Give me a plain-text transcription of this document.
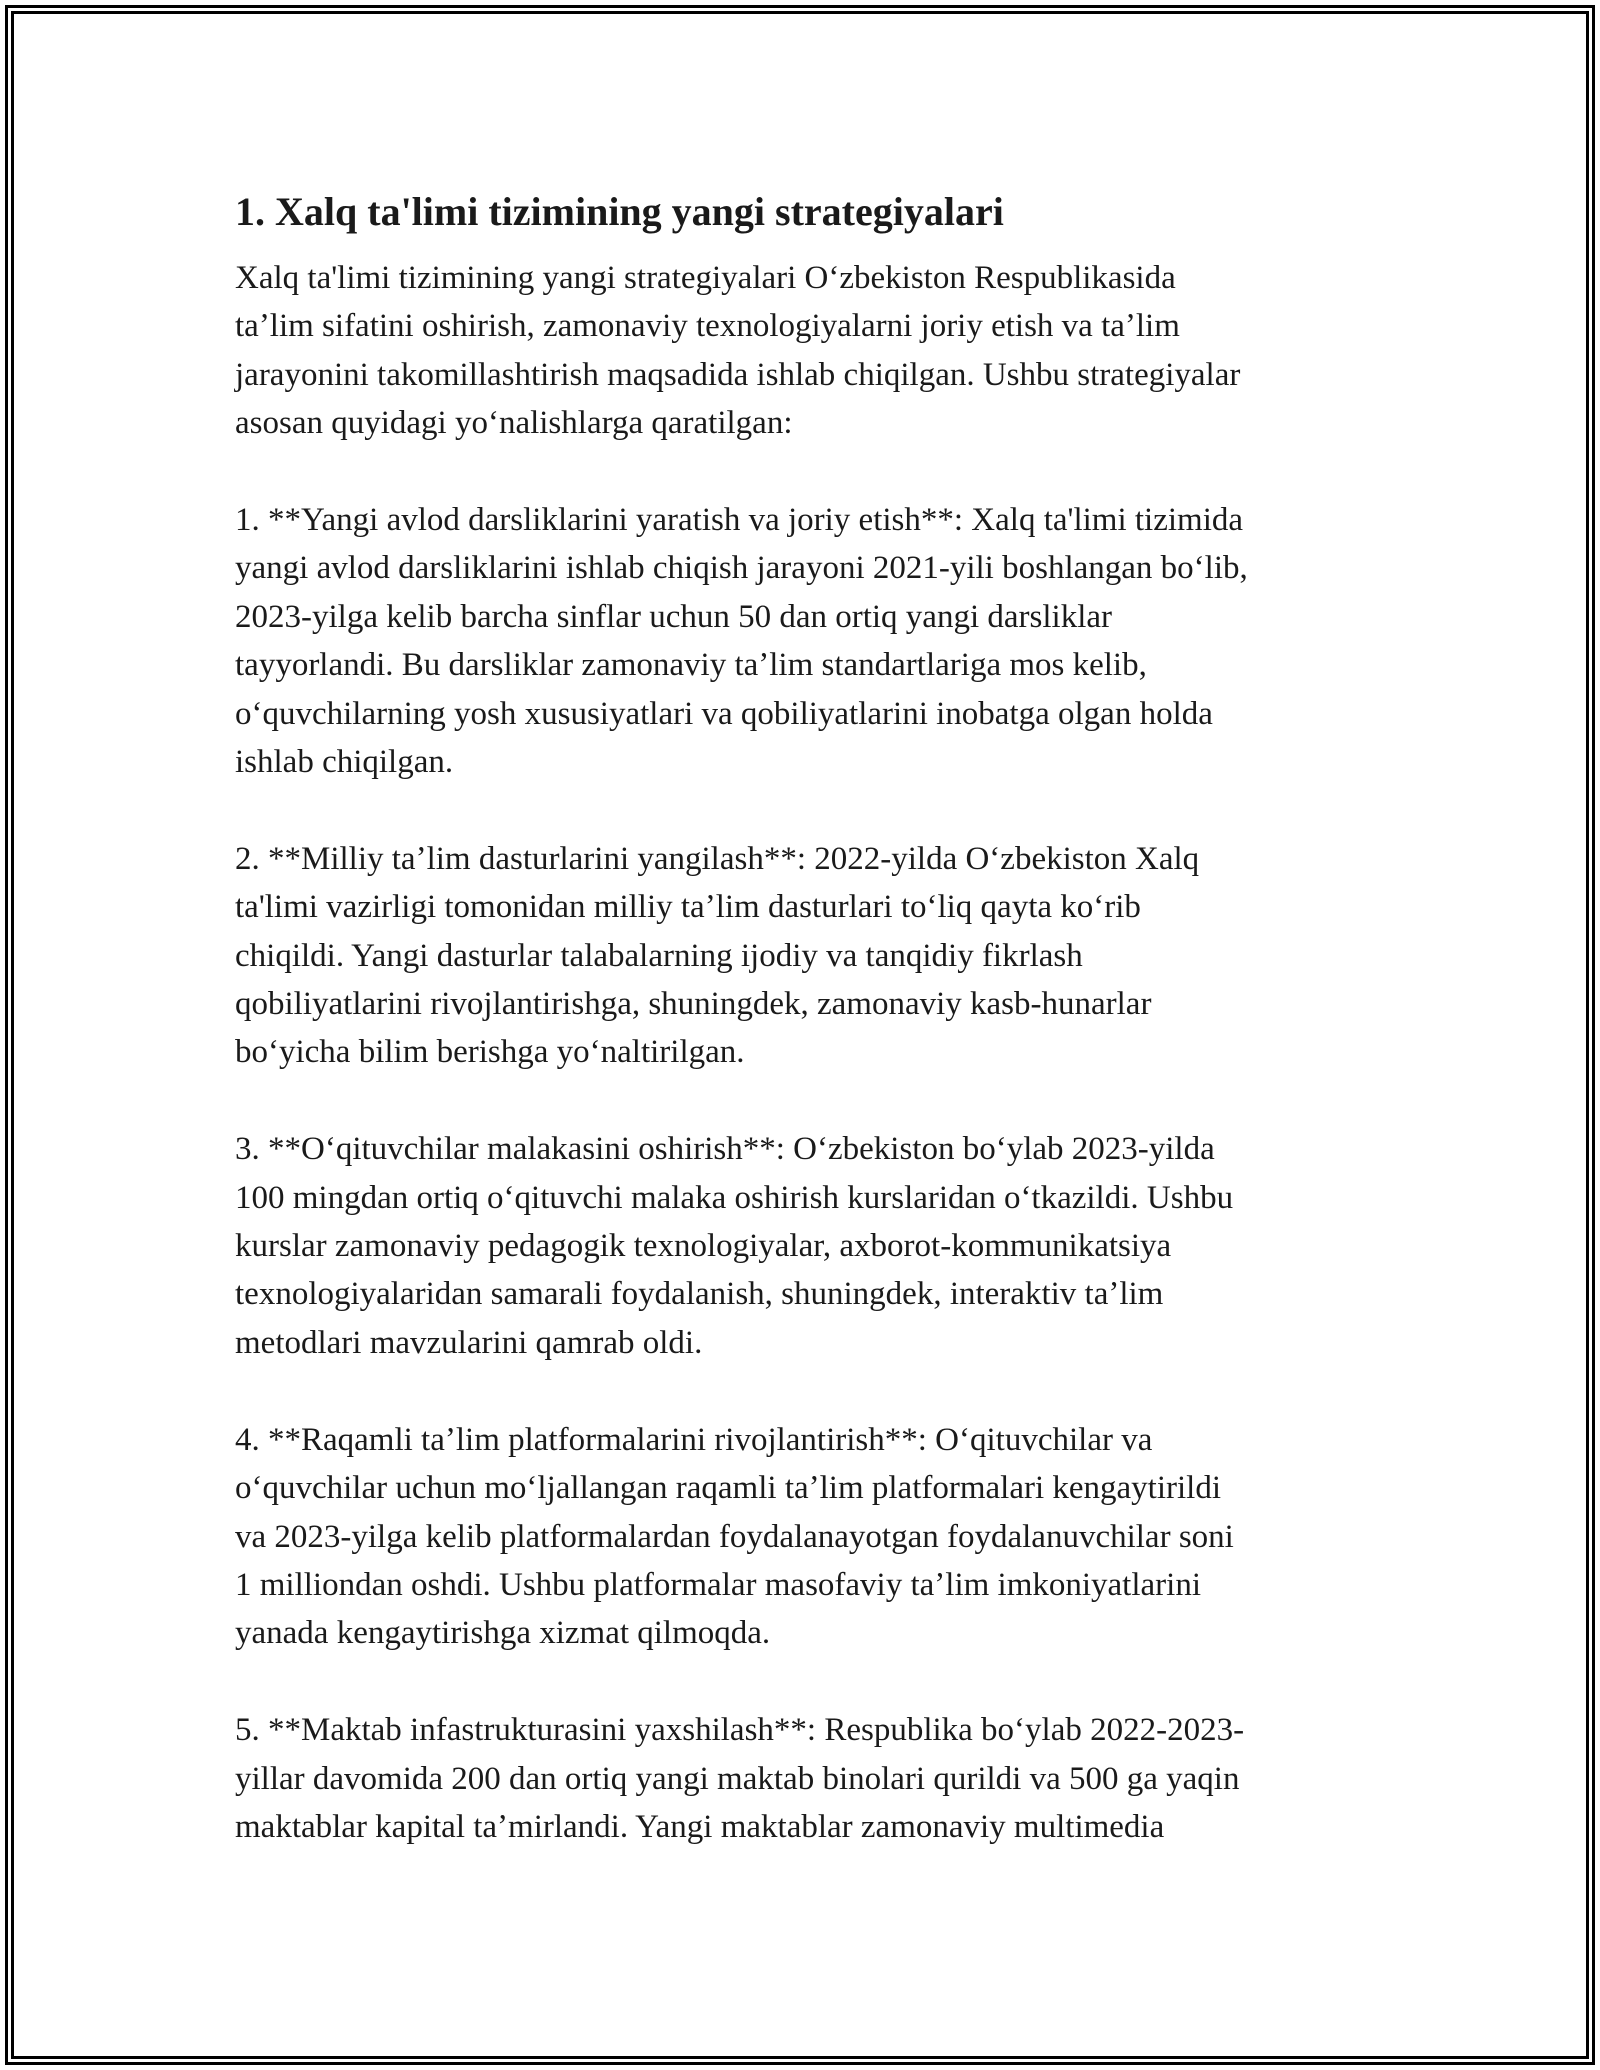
1. Xalq ta'limi tizimining yangi strategiyalari
Xalq ta'limi tizimining yangi strategiyalari Oʻzbekiston Respublikasida
taʼlim sifatini oshirish, zamonaviy texnologiyalarni joriy etish va taʼlim
jarayonini takomillashtirish maqsadida ishlab chiqilgan. Ushbu strategiyalar
asosan quyidagi yoʻnalishlarga qaratilgan:
1. **Yangi avlod darsliklarini yaratish va joriy etish**: Xalq ta'limi tizimida
yangi avlod darsliklarini ishlab chiqish jarayoni 2021-yili boshlangan boʻlib,
2023-yilga kelib barcha sinflar uchun 50 dan ortiq yangi darsliklar
tayyorlandi. Bu darsliklar zamonaviy taʼlim standartlariga mos kelib,
oʻquvchilarning yosh xususiyatlari va qobiliyatlarini inobatga olgan holda
ishlab chiqilgan.
2. **Milliy taʼlim dasturlarini yangilash**: 2022-yilda Oʻzbekiston Xalq
ta'limi vazirligi tomonidan milliy taʼlim dasturlari toʻliq qayta koʻrib
chiqildi. Yangi dasturlar talabalarning ijodiy va tanqidiy fikrlash
qobiliyatlarini rivojlantirishga, shuningdek, zamonaviy kasb-hunarlar
boʻyicha bilim berishga yoʻnaltirilgan.
3. **Oʻqituvchilar malakasini oshirish**: Oʻzbekiston boʻylab 2023-yilda
100 mingdan ortiq oʻqituvchi malaka oshirish kurslaridan oʻtkazildi. Ushbu
kurslar zamonaviy pedagogik texnologiyalar, axborot-kommunikatsiya
texnologiyalaridan samarali foydalanish, shuningdek, interaktiv taʼlim
metodlari mavzularini qamrab oldi.
4. **Raqamli taʼlim platformalarini rivojlantirish**: Oʻqituvchilar va
oʻquvchilar uchun moʻljallangan raqamli taʼlim platformalari kengaytirildi
va 2023-yilga kelib platformalardan foydalanayotgan foydalanuvchilar soni
1 milliondan oshdi. Ushbu platformalar masofaviy taʼlim imkoniyatlarini
yanada kengaytirishga xizmat qilmoqda.
5. **Maktab infastrukturasini yaxshilash**: Respublika boʻylab 2022-2023-
yillar davomida 200 dan ortiq yangi maktab binolari qurildi va 500 ga yaqin
maktablar kapital taʼmirlandi. Yangi maktablar zamonaviy multimedia
